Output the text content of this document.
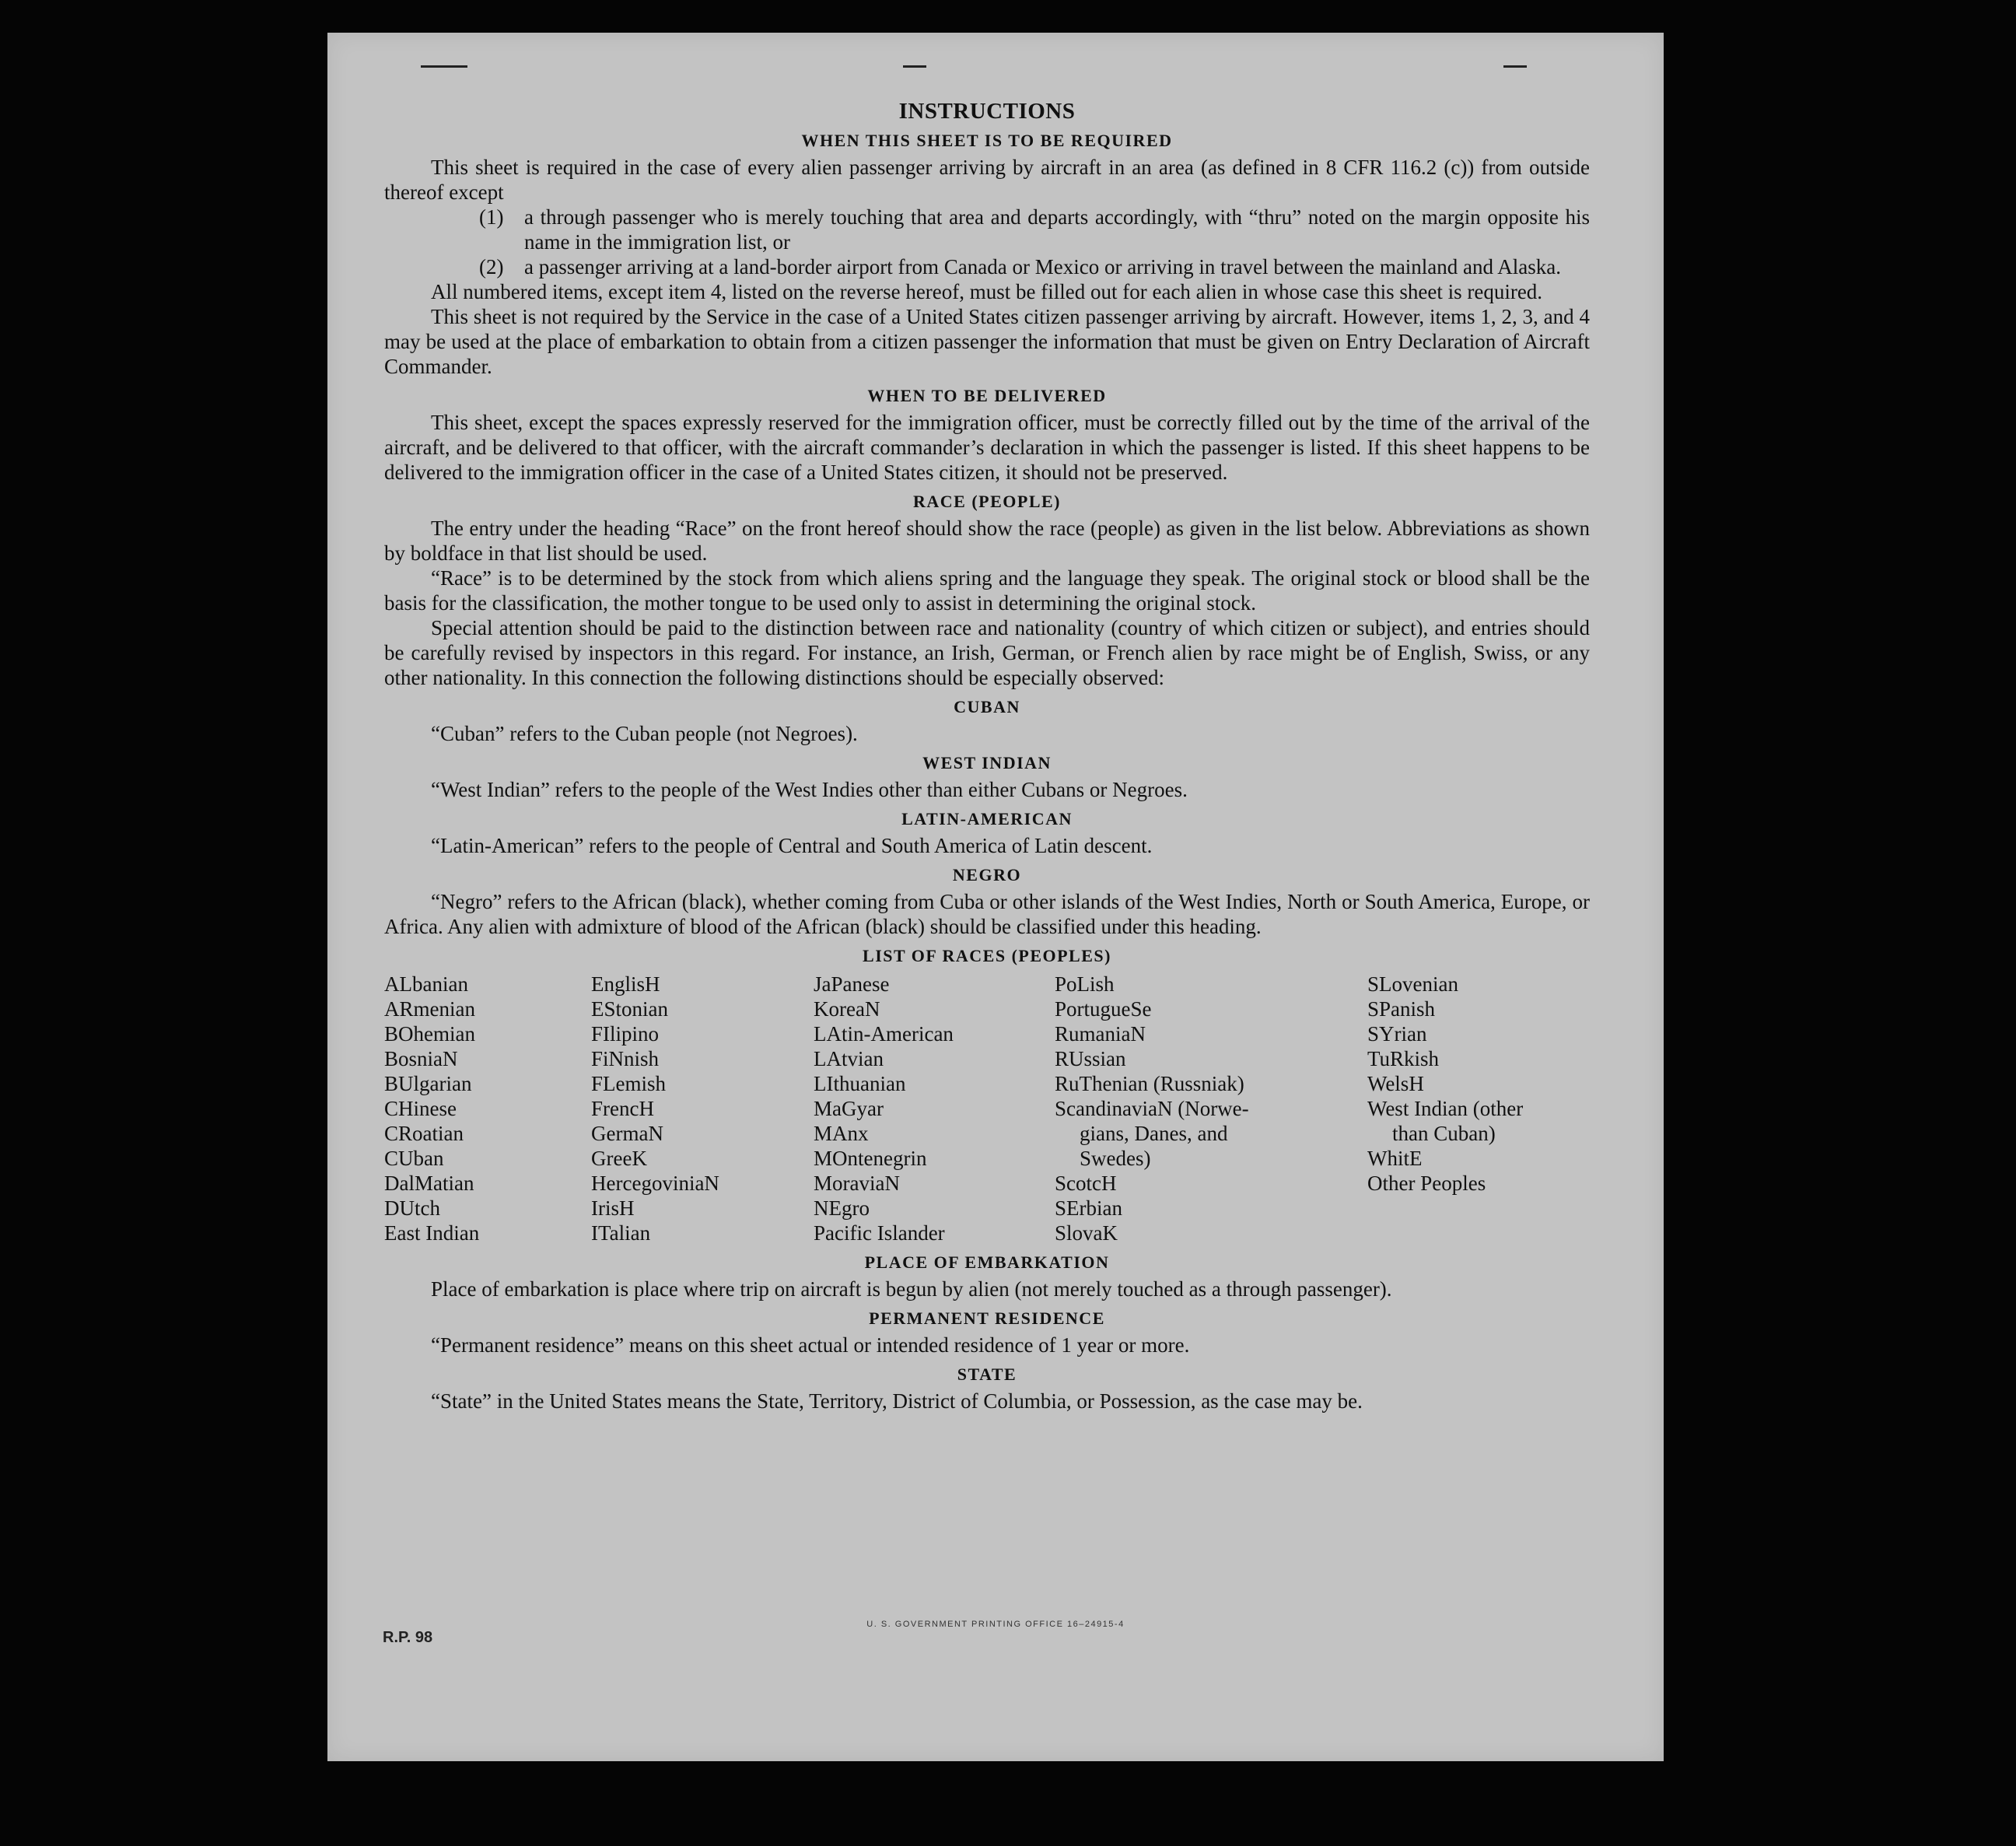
INSTRUCTIONS
WHEN THIS SHEET IS TO BE REQUIRED

This sheet is required in the case of every alien passenger arriving by aircraft in an area (as defined in 8 CFR 116.2 (c)) from outside thereof except

(1) a through passenger who is merely touching that area and departs accordingly, with “thru” noted on the margin opposite his name in the immigration list, or
(2) a passenger arriving at a land-border airport from Canada or Mexico or arriving in travel between the mainland and Alaska.

All numbered items, except item 4, listed on the reverse hereof, must be filled out for each alien in whose case this sheet is required.

This sheet is not required by the Service in the case of a United States citizen passenger arriving by aircraft. However, items 1, 2, 3, and 4 may be used at the place of embarkation to obtain from a citizen passenger the information that must be given on Entry Declaration of Aircraft Commander.

WHEN TO BE DELIVERED

This sheet, except the spaces expressly reserved for the immigration officer, must be correctly filled out by the time of the arrival of the aircraft, and be delivered to that officer, with the aircraft commander’s declaration in which the passenger is listed. If this sheet happens to be delivered to the immigration officer in the case of a United States citizen, it should not be preserved.

RACE (PEOPLE)

The entry under the heading “Race” on the front hereof should show the race (people) as given in the list below. Abbreviations as shown by boldface in that list should be used.

“Race” is to be determined by the stock from which aliens spring and the language they speak. The original stock or blood shall be the basis for the classification, the mother tongue to be used only to assist in determining the original stock.

Special attention should be paid to the distinction between race and nationality (country of which citizen or subject), and entries should be carefully revised by inspectors in this regard. For instance, an Irish, German, or French alien by race might be of English, Swiss, or any other nationality. In this connection the following distinctions should be especially observed:

CUBAN

“Cuban” refers to the Cuban people (not Negroes).

WEST INDIAN

“West Indian” refers to the people of the West Indies other than either Cubans or Negroes.

LATIN-AMERICAN

“Latin-American” refers to the people of Central and South America of Latin descent.

NEGRO

“Negro” refers to the African (black), whether coming from Cuba or other islands of the West Indies, North or South America, Europe, or Africa. Any alien with admixture of blood of the African (black) should be classified under this heading.

LIST OF RACES (PEOPLES)
ALbanian
ARmenian
BOhemian
BosniaN
BUlgarian
CHinese
CRoatian
CUban
DalMatian
DUtch
East Indian
EnglisH
EStonian
FIlipino
FiNnish
FLemish
FrencH
GermaN
GreeK
HercegoviniaN
IrisH
ITalian
JaPanese
KoreaN
LAtin-American
LAtvian
LIthuanian
MaGyar
MAnx
MOntenegrin
MoraviaN
NEgro
Pacific Islander
PoLish
PortugueSe
RumaniaN
RUssian
RuThenian (Russniak)
ScandinaviaN (Norwe-
gians, Danes, and
Swedes)
ScotcH
SErbian
SlovaK
SLovenian
SPanish
SYrian
TuRkish
WelsH
West Indian (other
than Cuban)
WhitE
Other Peoples
PLACE OF EMBARKATION

Place of embarkation is place where trip on aircraft is begun by alien (not merely touched as a through passenger).

PERMANENT RESIDENCE

“Permanent residence” means on this sheet actual or intended residence of 1 year or more.

STATE

“State” in the United States means the State, Territory, District of Columbia, or Possession, as the case may be.

U. S. GOVERNMENT PRINTING OFFICE 16–24915-4
R.P. 98
